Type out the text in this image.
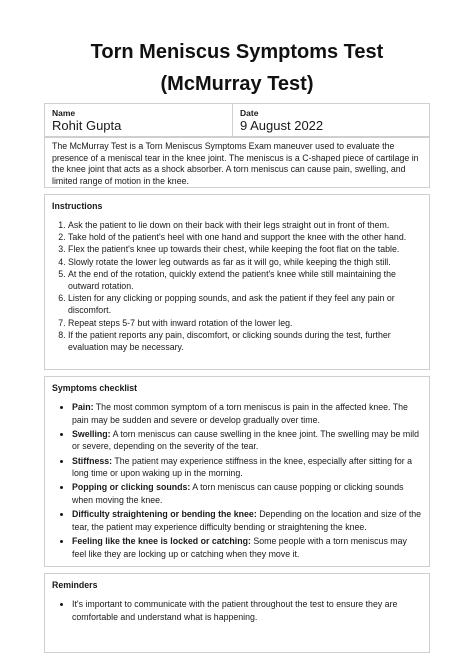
Torn Meniscus Symptoms Test
(McMurray Test)
Name
Rohit Gupta
Date
9 August 2022
The McMurray Test is a Torn Meniscus Symptoms Exam maneuver used to evaluate the presence of a meniscal tear in the knee joint. The meniscus is a C-shaped piece of cartilage in the knee joint that acts as a shock absorber. A torn meniscus can cause pain, swelling, and limited range of motion in the knee.
Instructions
1. Ask the patient to lie down on their back with their legs straight out in front of them.
2. Take hold of the patient's heel with one hand and support the knee with the other hand.
3. Flex the patient's knee up towards their chest, while keeping the foot flat on the table.
4. Slowly rotate the lower leg outwards as far as it will go, while keeping the thigh still.
5. At the end of the rotation, quickly extend the patient's knee while still maintaining the outward rotation.
6. Listen for any clicking or popping sounds, and ask the patient if they feel any pain or discomfort.
7. Repeat steps 5-7 but with inward rotation of the lower leg.
8. If the patient reports any pain, discomfort, or clicking sounds during the test, further evaluation may be necessary.
Symptoms checklist
• Pain: The most common symptom of a torn meniscus is pain in the affected knee. The pain may be sudden and severe or develop gradually over time.
• Swelling: A torn meniscus can cause swelling in the knee joint. The swelling may be mild or severe, depending on the severity of the tear.
• Stiffness: The patient may experience stiffness in the knee, especially after sitting for a long time or upon waking up in the morning.
• Popping or clicking sounds: A torn meniscus can cause popping or clicking sounds when moving the knee.
• Difficulty straightening or bending the knee: Depending on the location and size of the tear, the patient may experience difficulty bending or straightening the knee.
• Feeling like the knee is locked or catching: Some people with a torn meniscus may feel like they are locking up or catching when they move it.
Reminders
• It's important to communicate with the patient throughout the test to ensure they are comfortable and understand what is happening.
